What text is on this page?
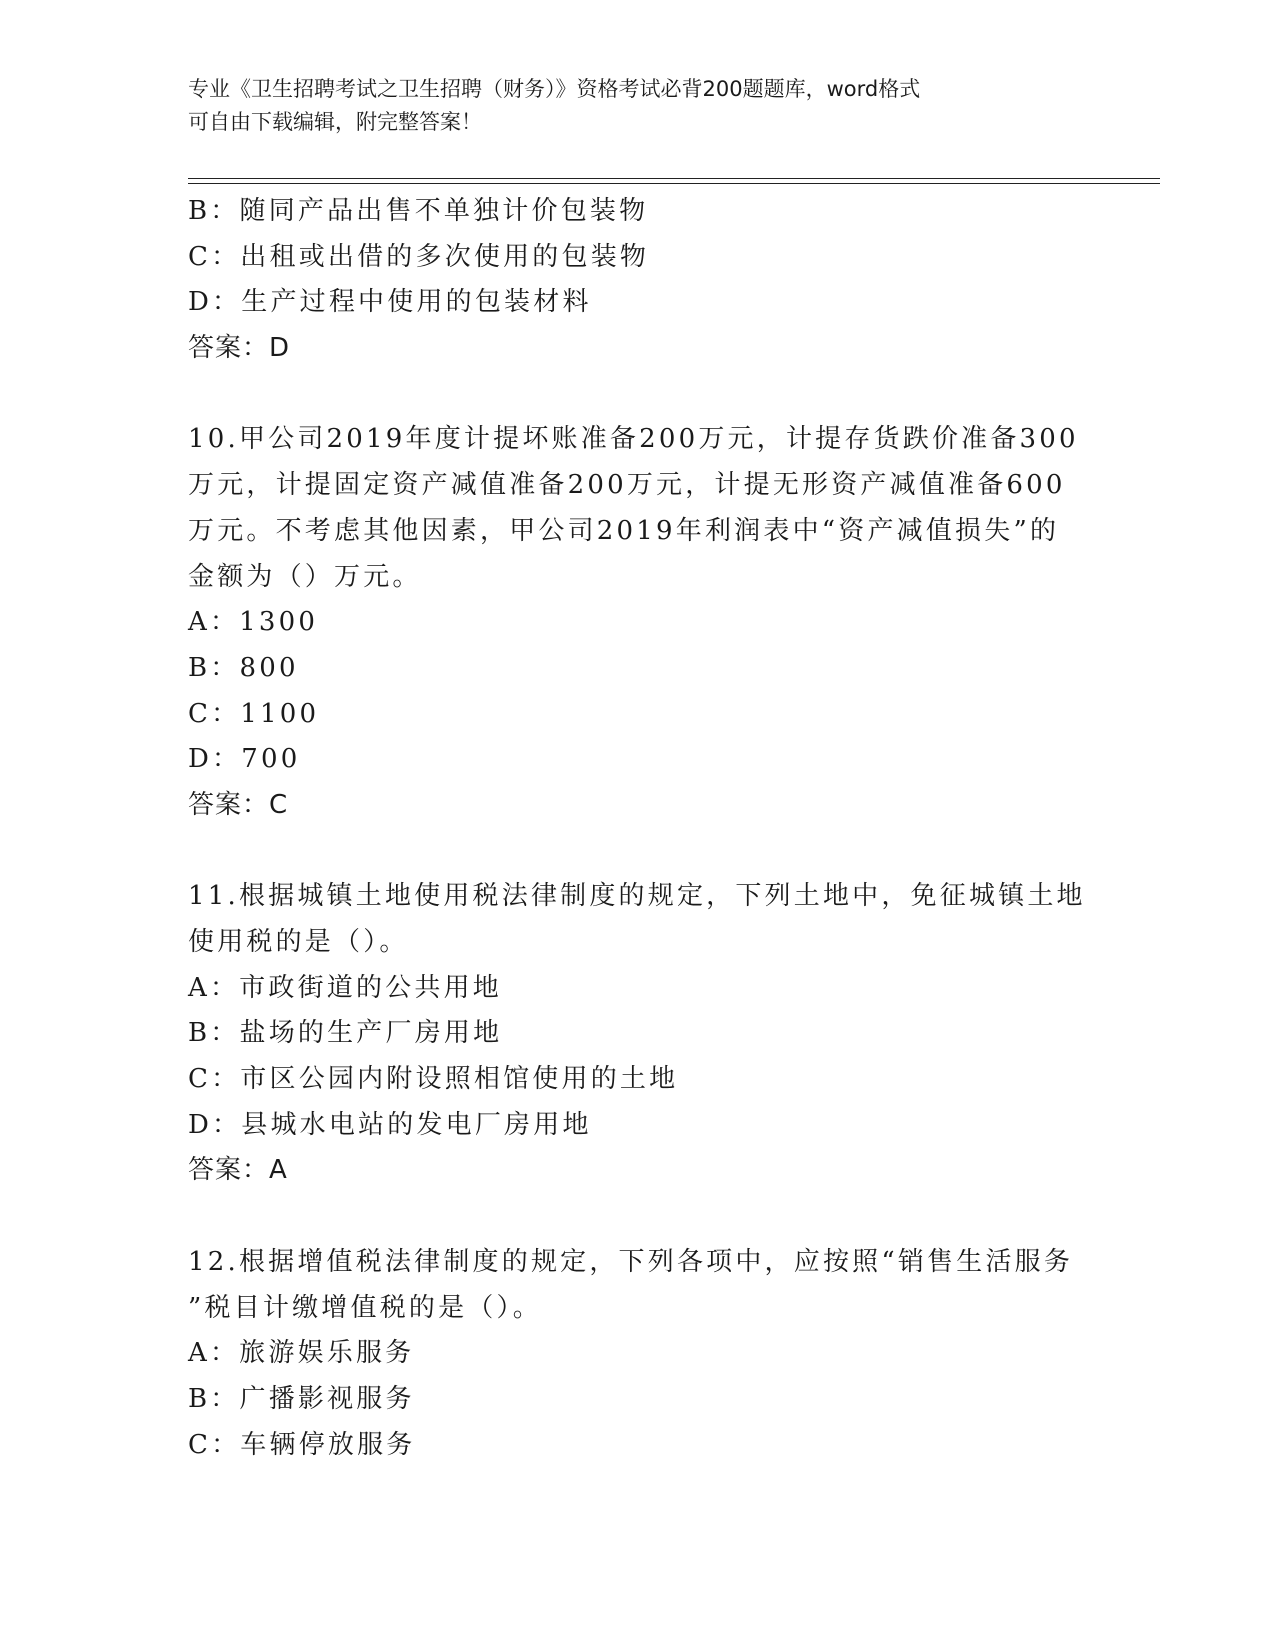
专业《卫生招聘考试之卫生招聘（财务）》资格考试必背200题题库，word格式

可自由下载编辑，附完整答案！

B：随同产品出售不单独计价包装物

C：出租或出借的多次使用的包装物

D：生产过程中使用的包装材料

答案：D

10.甲公司2019年度计提坏账准备200万元，计提存货跌价准备300

万元，计提固定资产减值准备200万元，计提无形资产减值准备600

万元。不考虑其他因素，甲公司2019年利润表中“资产减值损失”的

金额为（）万元。

A：1300

B：800

C：1100

D：700

答案：C

11.根据城镇土地使用税法律制度的规定，下列土地中，免征城镇土地

使用税的是（）。

A：市政街道的公共用地

B：盐场的生产厂房用地

C：市区公园内附设照相馆使用的土地

D：县城水电站的发电厂房用地

答案：A

12.根据增值税法律制度的规定，下列各项中，应按照“销售生活服务

”税目计缴增值税的是（）。

A：旅游娱乐服务

B：广播影视服务

C：车辆停放服务
